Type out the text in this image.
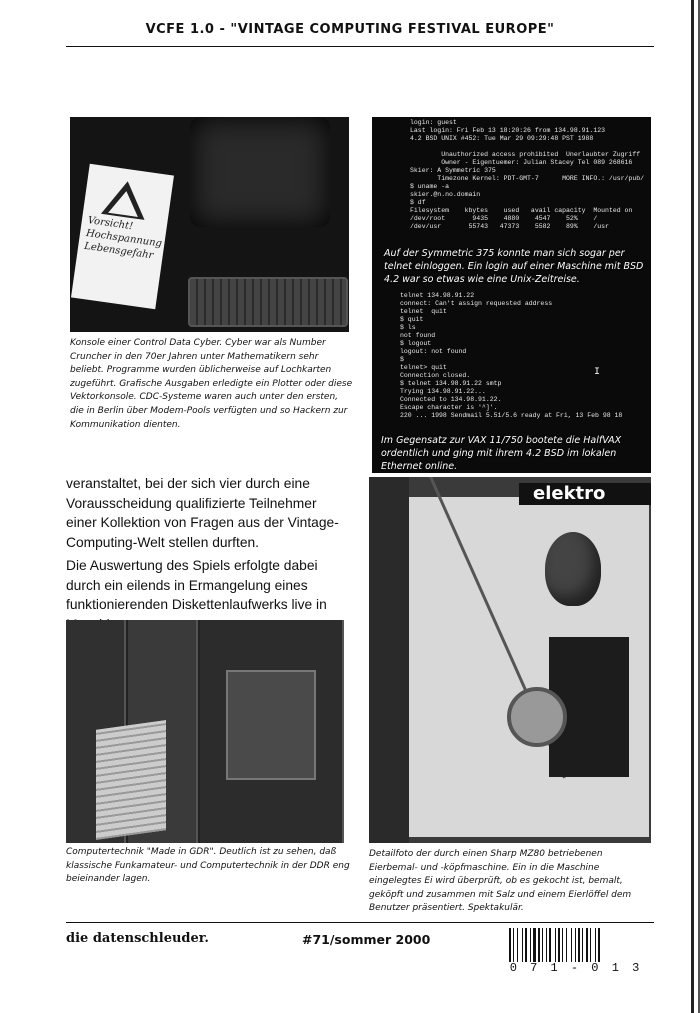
VCFE 1.0 - "VINTAGE COMPUTING FESTIVAL EUROPE"
Vorsicht! Hochspannung Lebensgefahr
Konsole einer Control Data Cyber. Cyber war als Number Cruncher in den 70er Jahren unter Mathematikern sehr beliebt. Programme wurden üblicherweise auf Lochkarten zugeführt. Grafische Ausgaben erledigte ein Plotter oder diese Vektorkonsole. CDC-Systeme waren auch unter den ersten, die in Berlin über Modem-Pools verfügten und so Hackern zur Kommunikation dienten.
login: guest
Last login: Fri Feb 13 18:20:26 from 134.98.91.123
4.2 BSD UNIX #452: Tue Mar 29 09:29:48 PST 1988

Unauthorized access prohibited  Unerlaubter Zugriff
Owner - Eigentuemer: Julian Stacey Tel 089 268616
Skier: A Symmetric 375
Timezone Kernel: PDT-GMT-7      MORE INFO.: /usr/pub/
$ uname -a
skier.@n.no.domain
$ df
Filesystem    kbytes    used   avail capacity  Mounted on
/dev/root       9435    4880    4547    52%    /
/dev/usr       55743   47373    5582    89%    /usr
telnet 134.98.91.22
connect: Can't assign requested address
telnet  quit
$ quit
$ ls
not found
$ logout
logout: not found
$
telnet> quit
Connection closed.
$ telnet 134.98.91.22 smtp
Trying 134.98.91.22...
Connected to 134.98.91.22.
Escape character is '^]'.
220 ... 1998 Sendmail 5.51/5.6 ready at Fri, 13 Feb 98 18
I
Auf der Symmetric 375 konnte man sich sogar per telnet einloggen. Ein login auf einer Maschine mit BSD 4.2 war so etwas wie eine Unix-Zeitreise.
Im Gegensatz zur VAX 11/750 bootete die HalfVAX ordentlich und ging mit ihrem 4.2 BSD im lokalen Ethernet online.
veranstaltet, bei der sich vier durch eine Vorausscheidung qualifizierte Teilnehmer einer Kollektion von Fragen aus der Vintage-Computing-Welt stellen durften.
Die Auswertung des Spiels erfolgte dabei durch ein eilends in Ermangelung eines funktionierenden Diskettenlaufwerks live in
elektro
Detailfoto der durch einen Sharp MZ80 betriebenen Eierbemal- und -köpfmaschine. Ein in die Maschine eingelegtes Ei wird überprüft, ob es gekocht ist, bemalt, geköpft und zusammen mit Salz und einem Eierlöffel dem Benutzer präsentiert. Spektakulär.
Computertechnik "Made in GDR". Deutlich ist zu sehen, daß klassische Funkamateur- und Computertechnik in der DDR eng beieinander lagen.
die datenschleuder.	#71/sommer 2000
0 7 1 - 0 1 3
